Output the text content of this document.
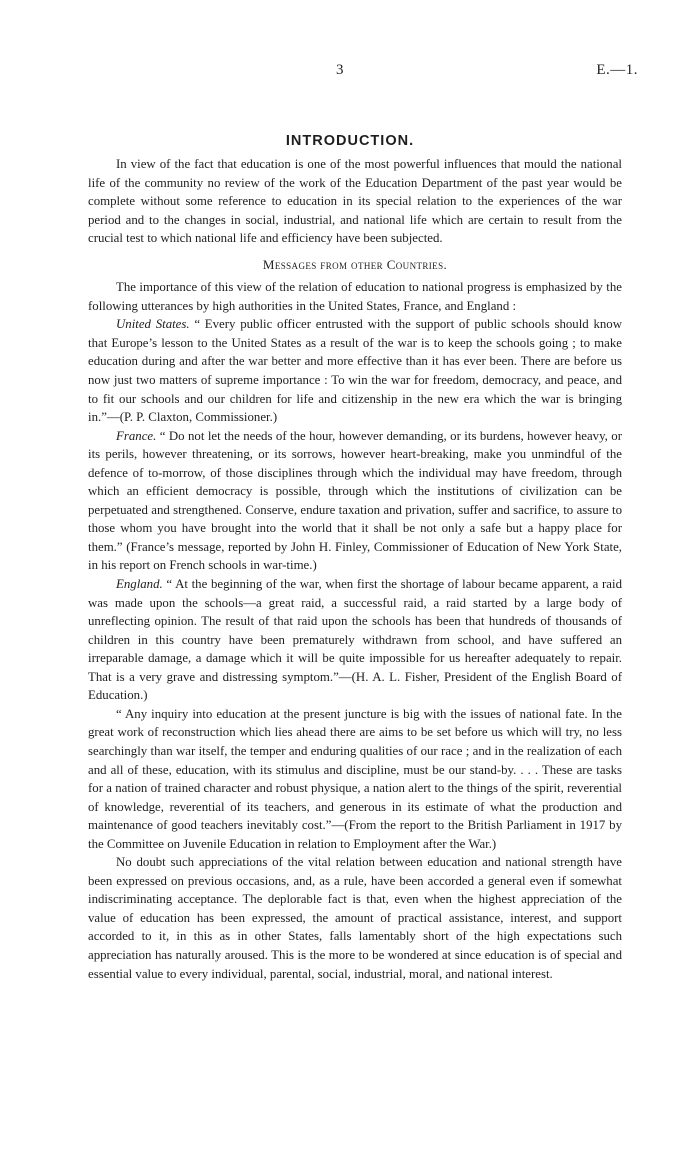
3	E.—1.
INTRODUCTION.

In view of the fact that education is one of the most powerful influences that mould the national life of the community no review of the work of the Education Department of the past year would be complete without some reference to education in its special relation to the experiences of the war period and to the changes in social, industrial, and national life which are certain to result from the crucial test to which national life and efficiency have been subjected.

Messages from other Countries.

The importance of this view of the relation of education to national progress is emphasized by the following utterances by high authorities in the United States, France, and England :

United States. “ Every public officer entrusted with the support of public schools should know that Europe’s lesson to the United States as a result of the war is to keep the schools going ; to make education during and after the war better and more effective than it has ever been. There are before us now just two matters of supreme importance : To win the war for freedom, democracy, and peace, and to fit our schools and our children for life and citizenship in the new era which the war is bringing in.”—(P. P. Claxton, Commissioner.)

France. “ Do not let the needs of the hour, however demanding, or its burdens, however heavy, or its perils, however threatening, or its sorrows, however heart-breaking, make you unmindful of the defence of to-morrow, of those disciplines through which the individual may have freedom, through which an efficient democracy is possible, through which the institutions of civilization can be perpetuated and strengthened. Conserve, endure taxation and privation, suffer and sacrifice, to assure to those whom you have brought into the world that it shall be not only a safe but a happy place for them.” (France’s message, reported by John H. Finley, Commissioner of Education of New York State, in his report on French schools in war-time.)

England. “ At the beginning of the war, when first the shortage of labour became apparent, a raid was made upon the schools—a great raid, a successful raid, a raid started by a large body of unreflecting opinion. The result of that raid upon the schools has been that hundreds of thousands of children in this country have been prematurely withdrawn from school, and have suffered an irreparable damage, a damage which it will be quite impossible for us hereafter adequately to repair. That is a very grave and distressing symptom.”—(H. A. L. Fisher, President of the English Board of Education.)

“ Any inquiry into education at the present juncture is big with the issues of national fate. In the great work of reconstruction which lies ahead there are aims to be set before us which will try, no less searchingly than war itself, the temper and enduring qualities of our race ; and in the realization of each and all of these, education, with its stimulus and discipline, must be our stand-by. . . . These are tasks for a nation of trained character and robust physique, a nation alert to the things of the spirit, reverential of knowledge, reverential of its teachers, and generous in its estimate of what the production and maintenance of good teachers inevitably cost.”—(From the report to the British Parliament in 1917 by the Committee on Juvenile Education in relation to Employment after the War.)

No doubt such appreciations of the vital relation between education and national strength have been expressed on previous occasions, and, as a rule, have been accorded a general even if somewhat indiscriminating acceptance. The deplorable fact is that, even when the highest appreciation of the value of education has been expressed, the amount of practical assistance, interest, and support accorded to it, in this as in other States, falls lamentably short of the high expectations such appreciation has naturally aroused. This is the more to be wondered at since education is of special and essential value to every individual, parental, social, industrial, moral, and national interest.
